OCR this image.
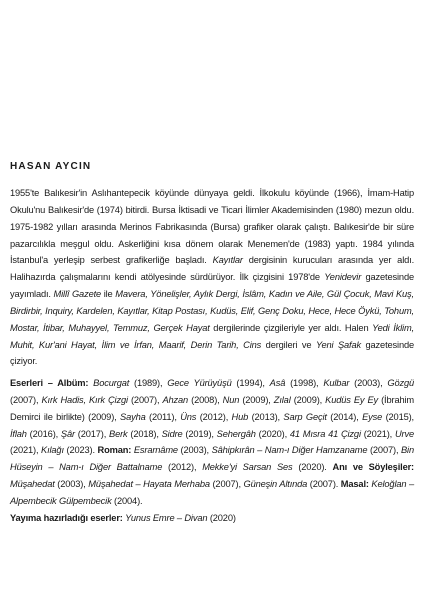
HASAN AYCIN

1955'te Balıkesir'in Aslıhantepecik köyünde dünyaya geldi. İlkokulu köyünde (1966), İmam-Hatip Okulu'nu Balıkesir'de (1974) bitirdi. Bursa İktisadi ve Ticari İlimler Akademisinden (1980) mezun oldu. 1975-1982 yılları arasında Merinos Fabrikasında (Bursa) grafiker olarak çalıştı. Balıkesir'de bir süre pazarcılıkla meşgul oldu. Askerliğini kısa dönem olarak Menemen'de (1983) yaptı. 1984 yılında İstanbul'a yerleşip serbest grafikerliğe başladı. Kayıtlar dergisinin kurucuları arasında yer aldı. Halihazırda çalışmalarını kendi atölyesinde sürdürüyor. İlk çizgisini 1978'de Yenidevir gazetesinde yayımladı. Millî Gazete ile Mavera, Yönelişler, Aylık Dergi, İslâm, Kadın ve Aile, Gül Çocuk, Mavi Kuş, Birdirbir, Inquiry, Kardelen, Kayıtlar, Kitap Postası, Kudüs, Elif, Genç Doku, Hece, Hece Öykü, Tohum, Mostar, İtibar, Muhayyel, Temmuz, Gerçek Hayat dergilerinde çizgileriyle yer aldı. Halen Yedi İklim, Muhit, Kur'ani Hayat, İlim ve İrfan, Maarif, Derin Tarih, Cins dergileri ve Yeni Şafak gazetesinde çiziyor.

Eserleri – Albüm: Bocurgat (1989), Gece Yürüyüşü (1994), Asâ (1998), Kulbar (2003), Gözgü (2007), Kırk Hadis, Kırk Çizgi (2007), Ahzan (2008), Nun (2009), Zılal (2009), Kudüs Ey Ey (İbrahim Demirci ile birlikte) (2009), Sayha (2011), Üns (2012), Hub (2013), Sarp Geçit (2014), Eyse (2015), İflah (2016), Şâr (2017), Berk (2018), Sidre (2019), Sehergâh (2020), 41 Mısra 41 Çizgi (2021), Urve (2021), Kılağı (2023). Roman: Esrarnâme (2003), Sâhipkırân – Nam-ı Diğer Hamzaname (2007), Bin Hüseyin – Nam-ı Diğer Battalname (2012), Mekke'yi Sarsan Ses (2020). Anı ve Söyleşiler: Müşahedat (2003), Müşahedat – Hayata Merhaba (2007), Güneşin Altında (2007). Masal: Keloğlan – Alpembecik Gülpembecik (2004).

Yayıma hazırladığı eserler: Yunus Emre – Divan (2020)
